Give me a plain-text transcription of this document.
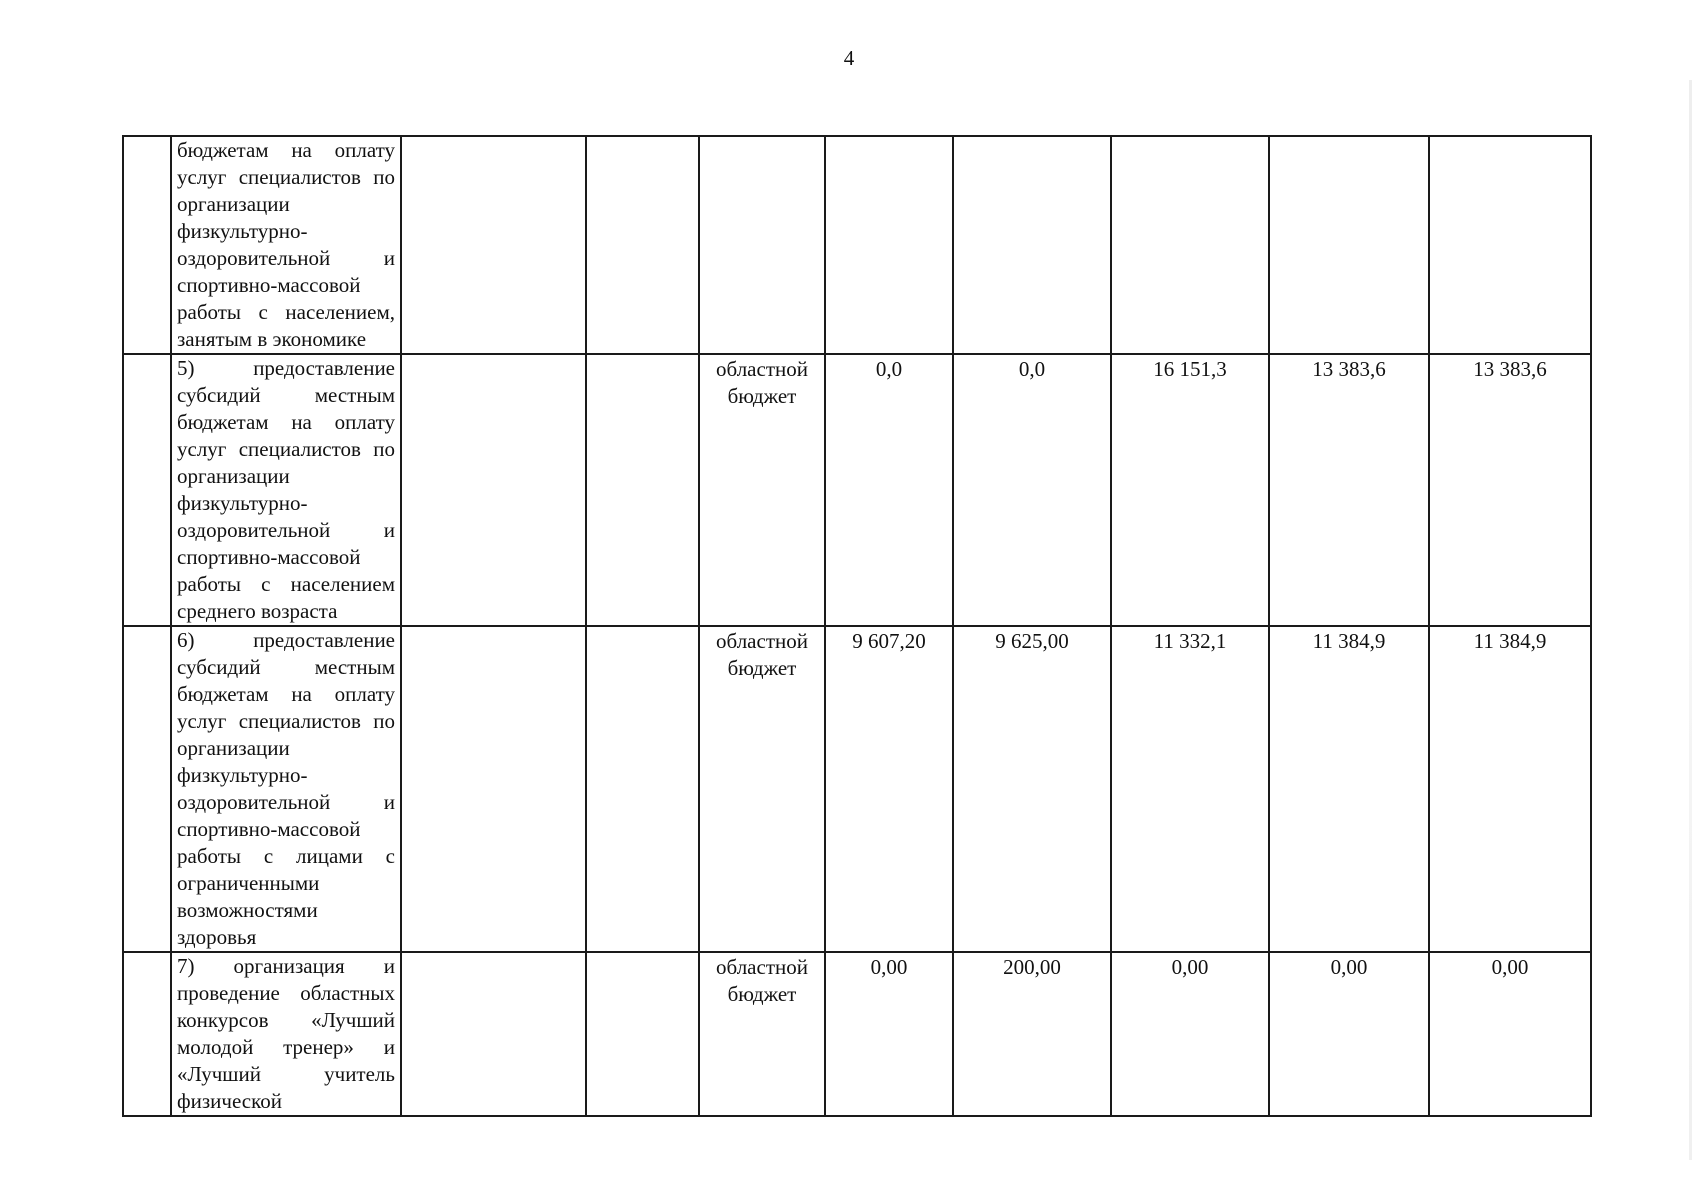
4
	бюджетам на оплату услуг специалистов по организации физкультурно-оздоровительной и спортивно-массовой работы с населением, занятым в экономике								
	5) предоставление субсидий местным бюджетам на оплату услуг специалистов по организации физкультурно-оздоровительной и спортивно-массовой работы с населением среднего возраста			областной бюджет	0,0	0,0	16 151,3	13 383,6	13 383,6
	6) предоставление субсидий местным бюджетам на оплату услуг специалистов по организации физкультурно-оздоровительной и спортивно-массовой работы с лицами с ограниченными возможностями здоровья			областной бюджет	9 607,20	9 625,00	11 332,1	11 384,9	11 384,9
	7) организация и проведение областных конкурсов «Лучший молодой тренер» и «Лучший учитель физической			областной бюджет	0,00	200,00	0,00	0,00	0,00
